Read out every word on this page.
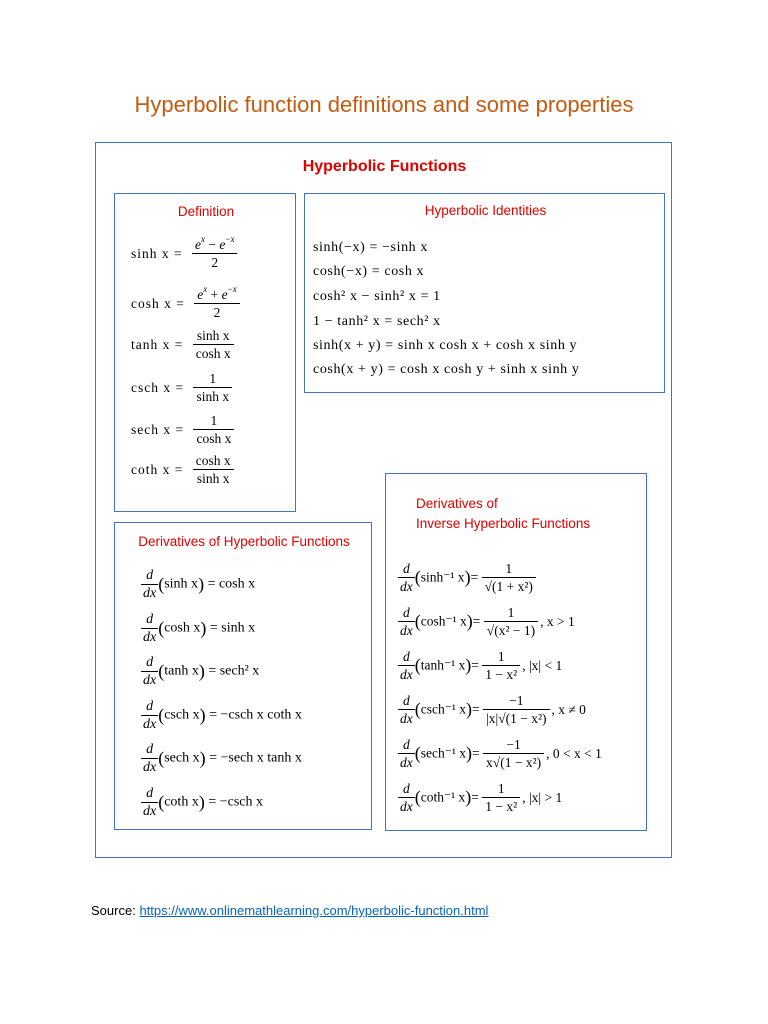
Hyperbolic function definitions and some properties
Hyperbolic Functions
Definition
$\sinh x = \frac{e^x - e^{-x}}{2}$
$\cosh x = \frac{e^x + e^{-x}}{2}$
$\tanh x = \frac{\text{sinh x}}{\text{cosh x}}$
csch $x = \frac{1}{\text{sinh x}}$
sech $x = \frac{1}{\text{cosh x}}$
coth $x = \frac{\text{cosh x}}{\text{sinh x}}$
Hyperbolic Identities
sinh(−x) = −sinh x
cosh(−x) = cosh x
cosh² x − sinh² x = 1
1 − tanh² x = sech² x
sinh(x + y) = sinh x cosh x + cosh x sinh y
cosh(x + y) = cosh x cosh y + sinh x sinh y
Derivatives of Hyperbolic Functions
$\frac{d}{dx} (\sinh$ x) = cosh x
$\frac{d}{dx} (\cosh$ x) = sinh x
$\frac{d}{dx} (\tanh$ x) = sech² x
$\frac{d}{dx} (\csc h$ x) = −csch x coth x
$\frac{d}{dx} (\sec h$ x) = −sech x tanh x
$\frac{d}{dx} (\cot h$ x) = −csch x
Derivatives of
Inverse Hyperbolic Functions
$\frac{d}{dx} (\sinh^{-1}$ $x)= \frac{1}{\text{√(1 + x²)}}$
$\frac{d}{dx} (\cosh^{-1}$ $x)= \frac{1}{\text{√(x² − 1)}}$ , x > 1
$\frac{d}{dx} (\tanh^{-1}$ $x)= \frac{1}{\text{1 − x²}}$ , |x| < 1
$\frac{d}{dx} (\csc h^{-1}$ $x)= \frac{-1}{\text{|x|√(1 − x²)}}$ , x ≠ 0
$\frac{d}{dx} (\sec h^{-1}$ $x)= \frac{-1}{\text{x√(1 − x²)}}$ , 0 < x < 1
$\frac{d}{dx} (\cot h^{-1}$ $x)= \frac{1}{\text{1 − x²}}$ , |x| > 1
Source: https://www.onlinemathlearning.com/hyperbolic-function.html
